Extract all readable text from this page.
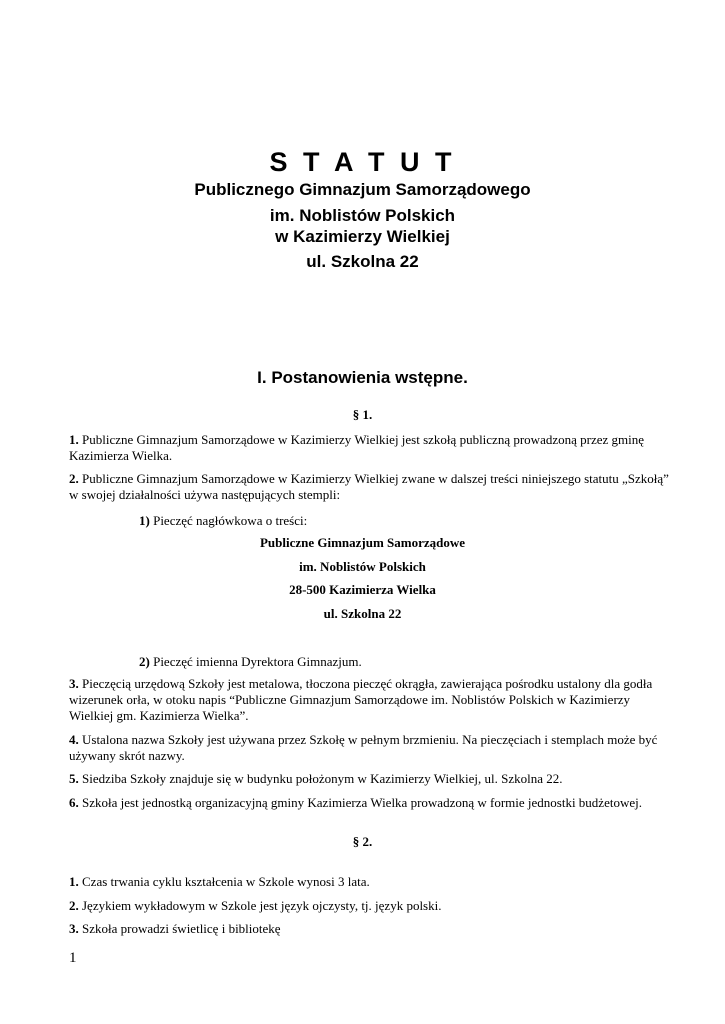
S T A T U T
Publicznego Gimnazjum Samorządowego
im. Noblistów Polskich
w Kazimierzy Wielkiej
ul. Szkolna 22
I. Postanowienia wstępne.
§ 1.
1. Publiczne Gimnazjum Samorządowe w Kazimierzy Wielkiej jest szkołą publiczną prowadzoną przez gminę Kazimierza Wielka.
2. Publiczne Gimnazjum Samorządowe w Kazimierzy Wielkiej zwane w dalszej treści niniejszego statutu „Szkołą” w swojej działalności używa następujących stempli:
1) Pieczęć nagłówkowa o treści:
Publiczne Gimnazjum Samorządowe
im. Noblistów Polskich
28-500 Kazimierza Wielka
ul. Szkolna 22
2) Pieczęć imienna Dyrektora Gimnazjum.
3. Pieczęcią urzędową Szkoły jest metalowa, tłoczona pieczęć okrągła, zawierająca pośrodku ustalony dla godła wizerunek orła, w otoku napis “Publiczne Gimnazjum Samorządowe im. Noblistów Polskich w Kazimierzy Wielkiej gm. Kazimierza Wielka”.
4. Ustalona nazwa Szkoły jest używana przez Szkołę w pełnym brzmieniu. Na pieczęciach i stemplach może być używany skrót nazwy.
5. Siedziba Szkoły znajduje się w budynku położonym w Kazimierzy Wielkiej, ul. Szkolna 22.
6. Szkoła jest jednostką organizacyjną gminy Kazimierza Wielka prowadzoną w formie jednostki budżetowej.
§ 2.
1. Czas trwania cyklu kształcenia w Szkole wynosi 3 lata.
2. Językiem wykładowym w Szkole jest język ojczysty, tj. język polski.
3. Szkoła prowadzi świetlicę i bibliotekę
1
